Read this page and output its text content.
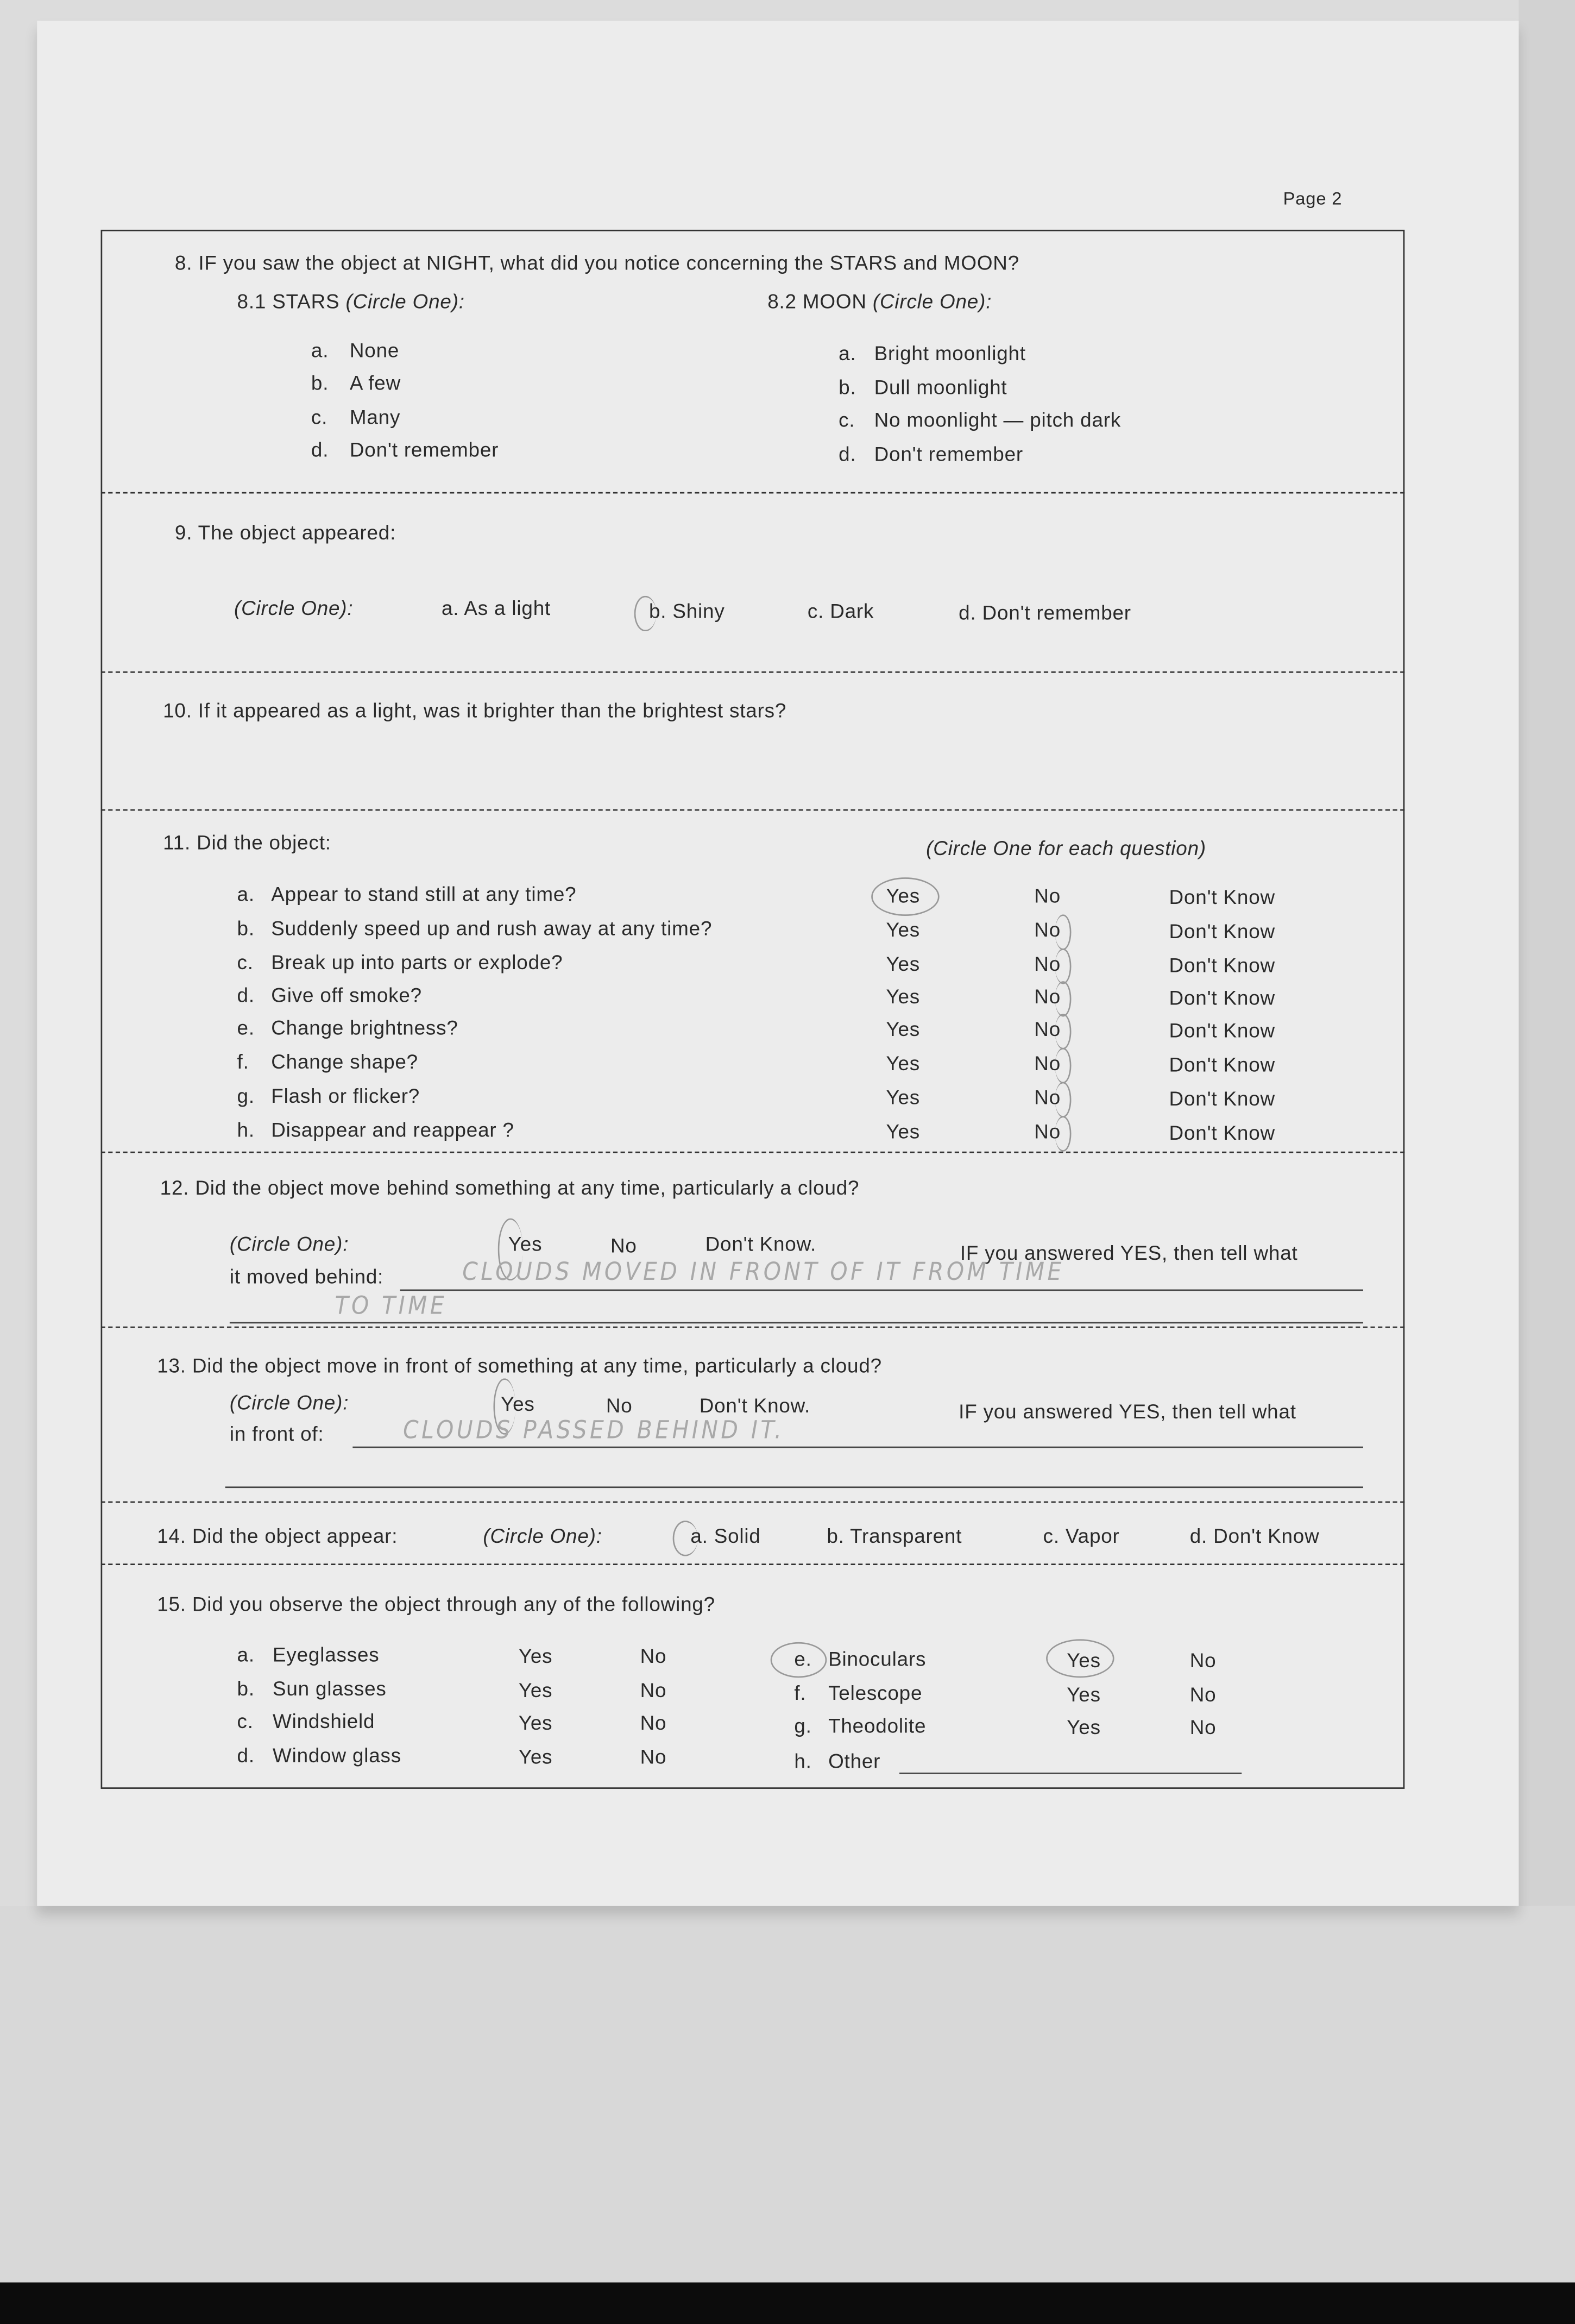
Page 2
8. IF you saw the object at NIGHT, what did you notice concerning the STARS and MOON?
8.1 STARS (Circle One):	8.2 MOON (Circle One):
9. The object appeared:
(Circle One):	a. As a light	b. Shiny	c. Dark	d. Don't remember
10. If it appeared as a light, was it brighter than the brightest stars?
11. Did the object:	(Circle One for each question)
12. Did the object move behind something at any time, particularly a cloud?
(Circle One):	Yes	No	Don't Know.	IF you answered YES, then tell what
it moved behind:	CLOUDS MOVED IN FRONT OF IT FROM TIME
TO TIME
13. Did the object move in front of something at any time, particularly a cloud?
(Circle One):	Yes	No	Don't Know.	IF you answered YES, then tell what
in front of:	CLOUDS PASSED BEHIND IT.
14. Did the object appear:	(Circle One):	a. Solid	b. Transparent	c. Vapor	d. Don't Know
15. Did you observe the object through any of the following?
h. Other
a.	None
b.	A few
c.	Many
d.	Don't remember
a. Bright moonlight
b. Dull moonlight
c.	No moonlight — pitch dark
d. Don't remember
a. Appear to stand still at any time?	Yes	No	Don't Know
b. Suddenly speed up and rush away at any time?	Yes	No	Don't Know
c. Break up into parts or explode?	Yes	No	Don't Know
d. Give off smoke?	Yes	No	Don't Know
e. Change brightness?	Yes	No	Don't Know
f.	Change shape?	Yes	No	Don't Know
g. Flash or flicker?	Yes	No	Don't Know
h. Disappear and reappear ?	Yes	No	Don't Know
a. Eyeglasses	Yes	No
b. Sun glasses	Yes	No
c.	Windshield	Yes	No
d. Window glass	Yes	No
e. Binoculars	Yes	No
f.	Telescope	Yes	No
g. Theodolite	Yes	No
